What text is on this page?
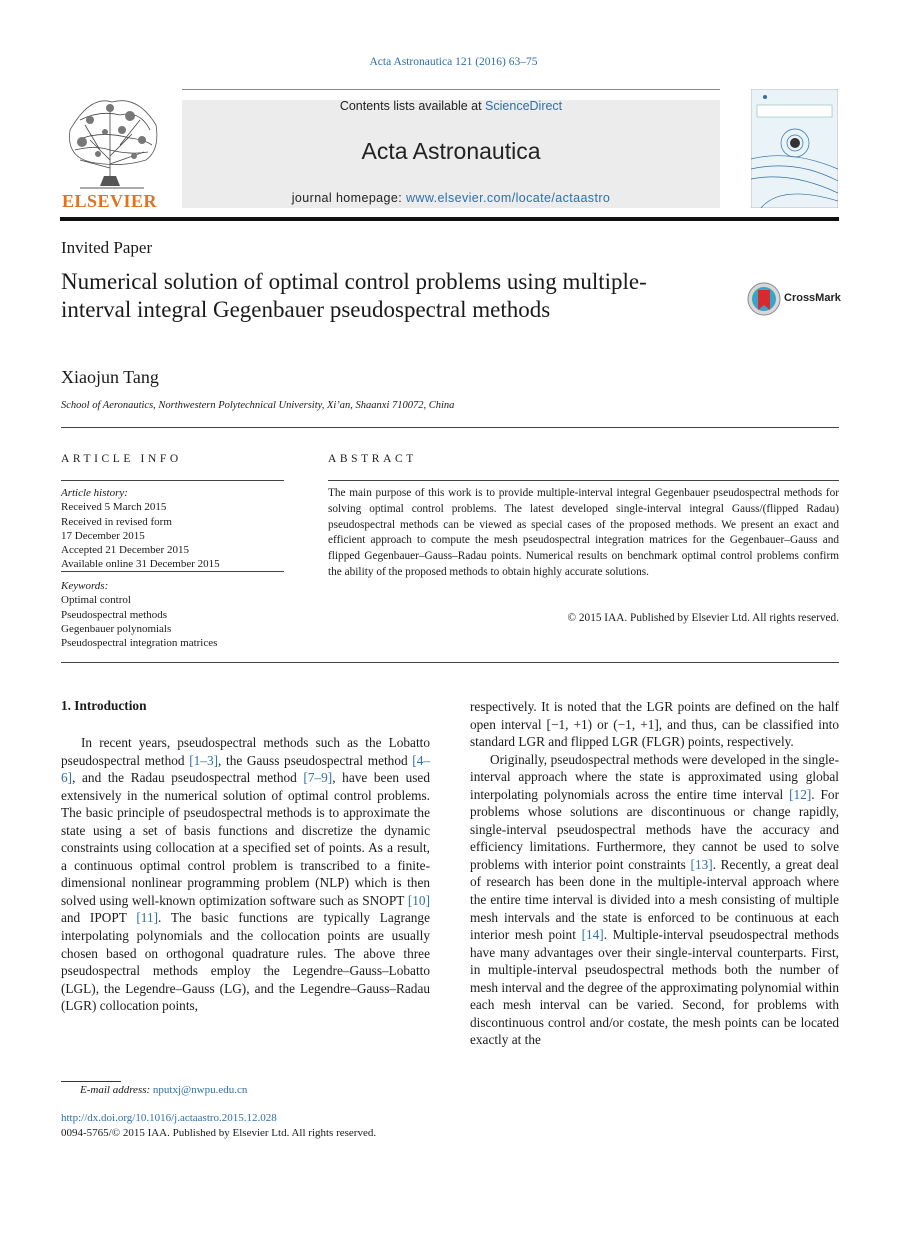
Acta Astronautica 121 (2016) 63–75
ELSEVIER
Contents lists available at ScienceDirect
Acta Astronautica
journal homepage: www.elsevier.com/locate/actaastro
Invited Paper
Numerical solution of optimal control problems using multiple-interval integral Gegenbauer pseudospectral methods	CrossMark
Xiaojun Tang
School of Aeronautics, Northwestern Polytechnical University, Xi’an, Shaanxi 710072, China
ARTICLE INFO
Article history:
Received 5 March 2015
Received in revised form
17 December 2015
Accepted 21 December 2015
Available online 31 December 2015
Keywords:
Optimal control
Pseudospectral methods
Gegenbauer polynomials
Pseudospectral integration matrices
ABSTRACT
The main purpose of this work is to provide multiple-interval integral Gegenbauer pseudospectral methods for solving optimal control problems. The latest developed single-interval integral Gauss/(flipped Radau) pseudospectral methods can be viewed as special cases of the proposed methods. We present an exact and efficient approach to compute the mesh pseudospectral integration matrices for the Gegenbauer–Gauss and flipped Gegenbauer–Gauss–Radau points. Numerical results on benchmark optimal control problems confirm the ability of the proposed methods to obtain highly accurate solutions.
© 2015 IAA. Published by Elsevier Ltd. All rights reserved.
1. Introduction

In recent years, pseudospectral methods such as the Lobatto pseudospectral method [1–3], the Gauss pseudospectral method [4–6], and the Radau pseudospectral method [7–9], have been used extensively in the numerical solution of optimal control problems. The basic principle of pseudospectral methods is to approximate the state using a set of basis functions and discretize the dynamic constraints using collocation at a specified set of points. As a result, a continuous optimal control problem is transcribed to a finite-dimensional nonlinear programming problem (NLP) which is then solved using well-known optimization software such as SNOPT [10] and IPOPT [11]. The basic functions are typically Lagrange interpolating polynomials and the collocation points are usually chosen based on orthogonal quadrature rules. The above three pseudospectral methods employ the Legendre–Gauss–Lobatto (LGL), the Legendre–Gauss (LG), and the Legendre–Gauss–Radau (LGR) collocation points,

respectively. It is noted that the LGR points are defined on the half open interval [−1, +1) or (−1, +1], and thus, can be classified into standard LGR and flipped LGR (FLGR) points, respectively.

Originally, pseudospectral methods were developed in the single-interval approach where the state is approximated using global interpolating polynomials across the entire time interval [12]. For problems whose solutions are discontinuous or change rapidly, single-interval pseudospectral methods have the accuracy and efficiency limitations. Furthermore, they cannot be used to solve problems with interior point constraints [13]. Recently, a great deal of research has been done in the multiple-interval approach where the entire time interval is divided into a mesh consisting of multiple mesh intervals and the state is enforced to be continuous at each interior mesh point [14]. Multiple-interval pseudospectral methods have many advantages over their single-interval counterparts. First, in multiple-interval pseudospectral methods both the number of mesh interval and the degree of the approximating polynomial within each mesh interval can be varied. Second, for problems with discontinuous control and/or costate, the mesh points can be located exactly at the

E-mail address: nputxj@nwpu.edu.cn
http://dx.doi.org/10.1016/j.actaastro.2015.12.028
0094-5765/© 2015 IAA. Published by Elsevier Ltd. All rights reserved.
